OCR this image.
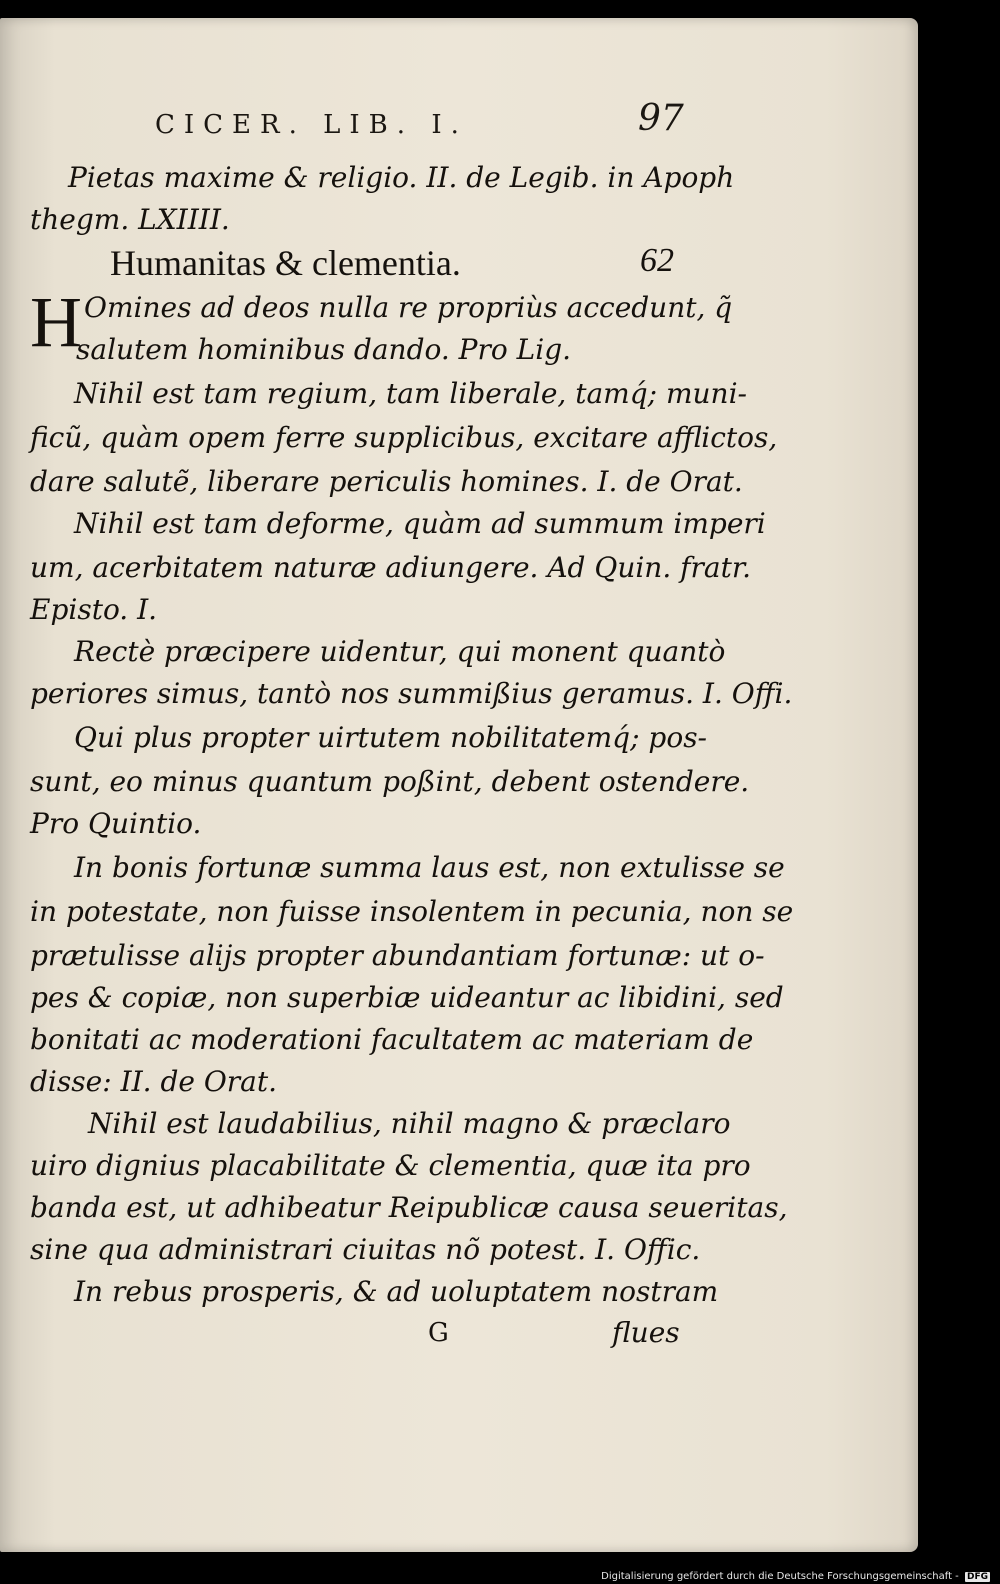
CICER. LIB. I.	97
Pietas maxime & religio. II. de Legib. in Apoph
thegm. LXIIII.
Humanitas & clementia.	62
H Omines ad deos nulla re propriùs accedunt, q̃
salutem hominibus dando. Pro Lig.
Nihil est tam regium, tam liberale, tamq́; muni-
ficũ, quàm opem ferre supplicibus, excitare afflictos,
dare salutẽ, liberare periculis homines. I. de Orat.
Nihil est tam deforme, quàm ad summum imperi
um, acerbitatem naturæ adiungere. Ad Quin. fratr.
Episto. I.
Rectè præcipere uidentur, qui monent quantò
periores simus, tantò nos summißius geramus. I. Offi.
Qui plus propter uirtutem nobilitatemq́; pos-
sunt, eo minus quantum poßint, debent ostendere.
Pro Quintio.
In bonis fortunæ summa laus est, non extulisse se
in potestate, non fuisse insolentem in pecunia, non se
prætulisse alijs propter abundantiam fortunæ: ut o-
pes & copiæ, non superbiæ uideantur ac libidini, sed
bonitati ac moderationi facultatem ac materiam de
disse: II. de Orat.
Nihil est laudabilius, nihil magno & præclaro
uiro dignius placabilitate & clementia, quæ ita pro
banda est, ut adhibeatur Reipublicæ causa seueritas,
sine qua administrari ciuitas nõ potest. I. Offic.
In rebus prosperis, & ad uoluptatem nostram
G	flues
Digitalisierung gefördert durch die Deutsche Forschungsgemeinschaft - DFG
